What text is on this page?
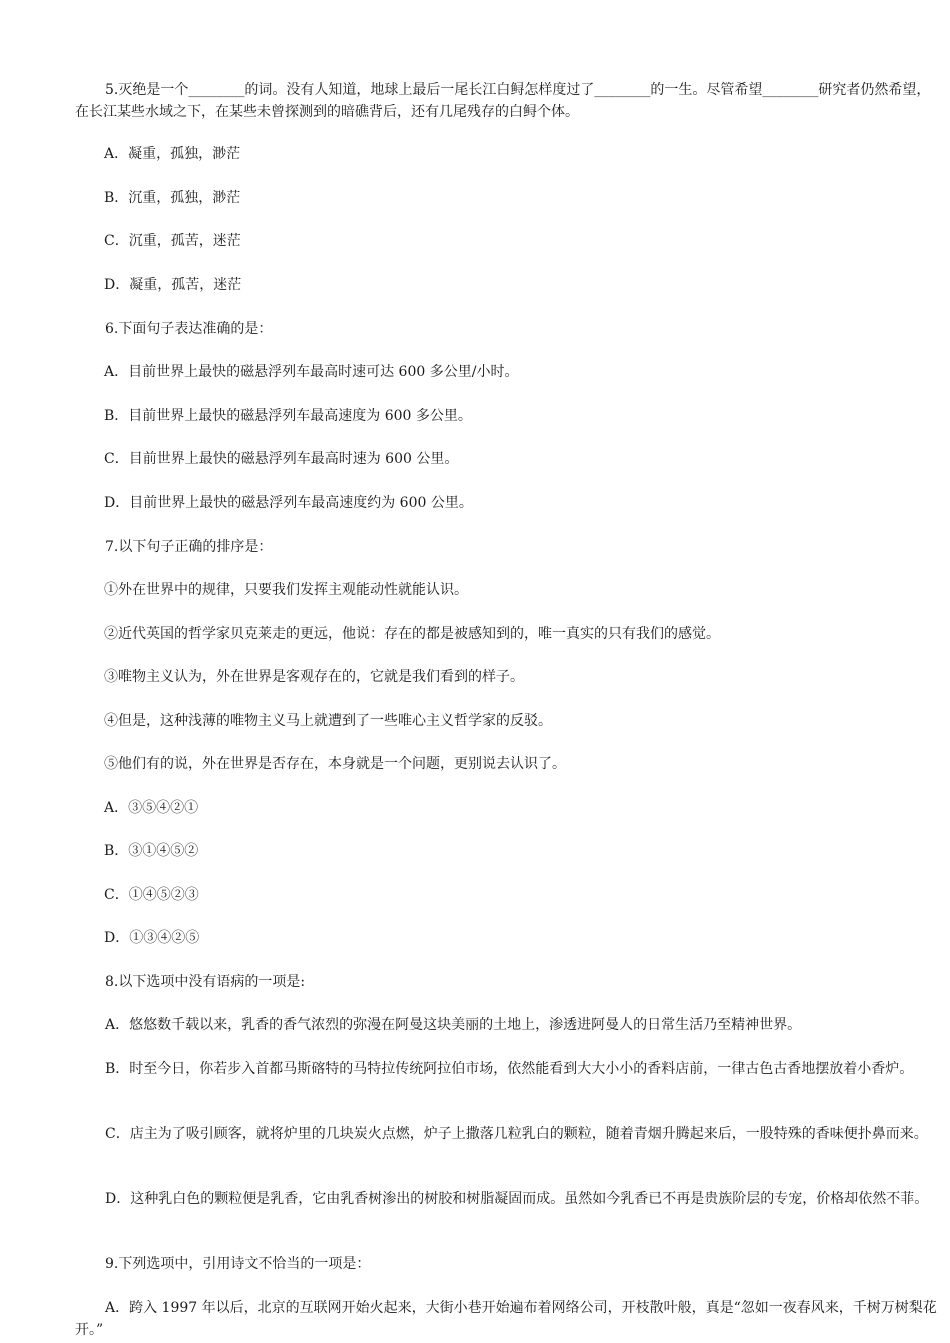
5.灭绝是一个________的词。没有人知道，地球上最后一尾长江白鲟怎样度过了________的一生。尽管希望________研究者仍然希望，在长江某些水域之下，在某些未曾探测到的暗礁背后，还有几尾残存的白鲟个体。
A．凝重，孤独，渺茫
B．沉重，孤独，渺茫
C．沉重，孤苦，迷茫
D．凝重，孤苦，迷茫
6.下面句子表达准确的是：
A．目前世界上最快的磁悬浮列车最高时速可达 600 多公里/小时。
B．目前世界上最快的磁悬浮列车最高速度为 600 多公里。
C．目前世界上最快的磁悬浮列车最高时速为 600 公里。
D．目前世界上最快的磁悬浮列车最高速度约为 600 公里。
7.以下句子正确的排序是：
①外在世界中的规律，只要我们发挥主观能动性就能认识。
②近代英国的哲学家贝克莱走的更远，他说：存在的都是被感知到的，唯一真实的只有我们的感觉。
③唯物主义认为，外在世界是客观存在的，它就是我们看到的样子。
④但是，这种浅薄的唯物主义马上就遭到了一些唯心主义哲学家的反驳。
⑤他们有的说，外在世界是否存在，本身就是一个问题，更别说去认识了。
A．③⑤④②①
B．③①④⑤②
C．①④⑤②③
D．①③④②⑤
8.以下选项中没有语病的一项是:
A．悠悠数千载以来，乳香的香气浓烈的弥漫在阿曼这块美丽的土地上，渗透进阿曼人的日常生活乃至精神世界。
B．时至今日，你若步入首都马斯碦特的马特拉传统阿拉伯市场，依然能看到大大小小的香料店前，一律古色古香地摆放着小香炉。
C．店主为了吸引顾客，就将炉里的几块炭火点燃，炉子上撒落几粒乳白的颗粒，随着青烟升腾起来后，一股特殊的香味便扑鼻而来。
D．这种乳白色的颗粒便是乳香，它由乳香树渗出的树胶和树脂凝固而成。虽然如今乳香已不再是贵族阶层的专宠，价格却依然不菲。
9.下列选项中，引用诗文不恰当的一项是：
A．跨入 1997 年以后，北京的互联网开始火起来，大街小巷开始遍布着网络公司，开枝散叶般，真是“忽如一夜春风来，千树万树梨花开。”
